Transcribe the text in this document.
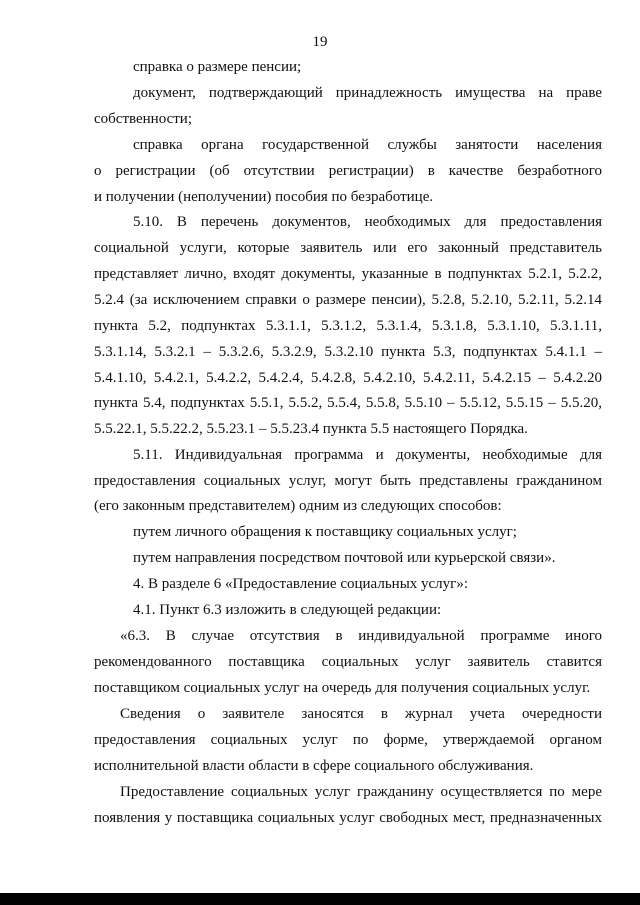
19
справка о размере пенсии;
документ, подтверждающий принадлежность имущества на праве
собственности;
справка органа государственной службы занятости населения
о регистрации (об отсутствии регистрации) в качестве безработного
и получении (неполучении) пособия по безработице.
5.10. В перечень документов, необходимых для предоставления
социальной услуги, которые заявитель или его законный представитель
представляет лично, входят документы, указанные в подпунктах 5.2.1, 5.2.2,
5.2.4 (за исключением справки о размере пенсии), 5.2.8, 5.2.10, 5.2.11, 5.2.14
пункта 5.2, подпунктах 5.3.1.1, 5.3.1.2, 5.3.1.4, 5.3.1.8, 5.3.1.10, 5.3.1.11,
5.3.1.14, 5.3.2.1 – 5.3.2.6, 5.3.2.9, 5.3.2.10 пункта 5.3, подпунктах 5.4.1.1 –
5.4.1.10, 5.4.2.1, 5.4.2.2, 5.4.2.4, 5.4.2.8, 5.4.2.10, 5.4.2.11, 5.4.2.15 – 5.4.2.20
пункта 5.4, подпунктах 5.5.1, 5.5.2, 5.5.4, 5.5.8, 5.5.10 – 5.5.12, 5.5.15 – 5.5.20,
5.5.22.1, 5.5.22.2, 5.5.23.1 – 5.5.23.4 пункта 5.5 настоящего Порядка.
5.11. Индивидуальная программа и документы, необходимые для
предоставления социальных услуг, могут быть представлены гражданином
(его законным представителем) одним из следующих способов:
путем личного обращения к поставщику социальных услуг;
путем направления посредством почтовой или курьерской связи».
4. В разделе 6 «Предоставление социальных услуг»:
4.1. Пункт 6.3 изложить в следующей редакции:
«6.3. В случае отсутствия в индивидуальной программе иного
рекомендованного поставщика социальных услуг заявитель ставится
поставщиком социальных услуг на очередь для получения социальных услуг.
Сведения о заявителе заносятся в журнал учета очередности
предоставления социальных услуг по форме, утверждаемой органом
исполнительной власти области в сфере социального обслуживания.
Предоставление социальных услуг гражданину осуществляется по мере
появления у поставщика социальных услуг свободных мест, предназначенных
